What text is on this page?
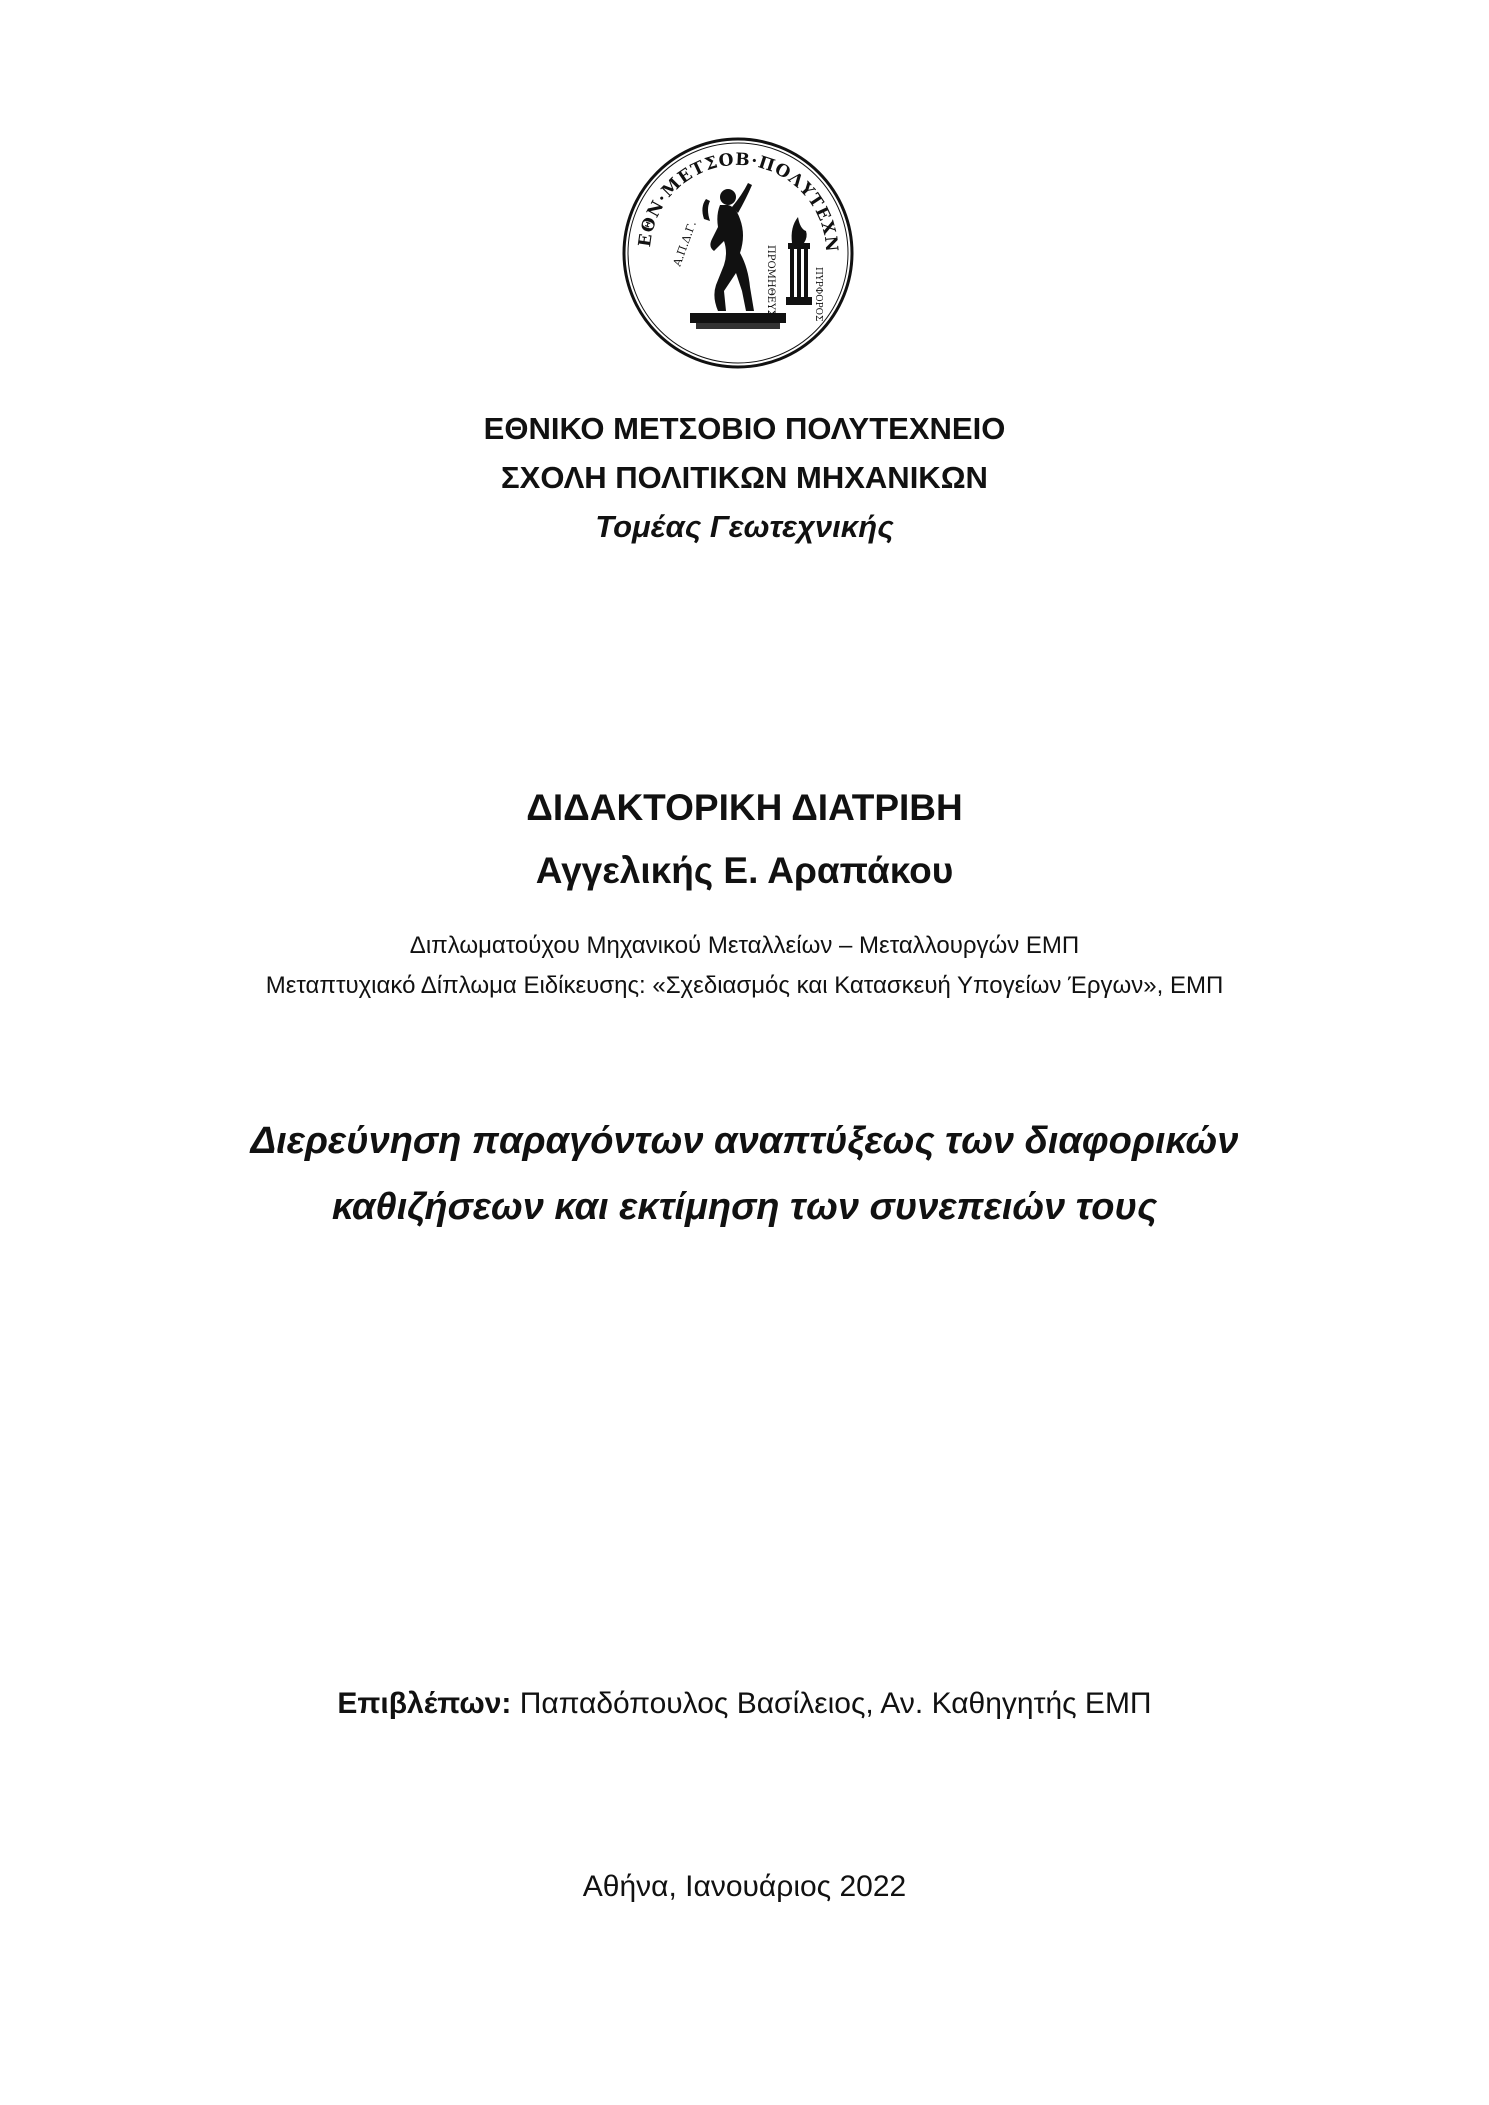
ΕΘΝ·ΜΕΤΣΟΒ·ΠΟΛΥΤΕΧΝ
ΠΡΟΜΗΘΕΥΣ	ΠΥΡΦΟΡΟΣ
Α.Π.Δ.Γ.
ΕΘΝΙΚΟ ΜΕΤΣΟΒΙΟ ΠΟΛΥΤΕΧΝΕΙΟ
ΣΧΟΛΗ ΠΟΛΙΤΙΚΩΝ ΜΗΧΑΝΙΚΩΝ
Τομέας Γεωτεχνικής
ΔΙΔΑΚΤΟΡΙΚΗ ΔΙΑΤΡΙΒΗ
Αγγελικής Ε. Αραπάκου
Διπλωματούχου Μηχανικού Μεταλλείων – Μεταλλουργών ΕΜΠ
Μεταπτυχιακό Δίπλωμα Ειδίκευσης: «Σχεδιασμός και Κατασκευή Υπογείων Έργων», ΕΜΠ
Διερεύνηση παραγόντων αναπτύξεως των διαφορικών
καθιζήσεων και εκτίμηση των συνεπειών τους
Επιβλέπων: Παπαδόπουλος Βασίλειος, Αν. Καθηγητής ΕΜΠ
Αθήνα, Ιανουάριος 2022
